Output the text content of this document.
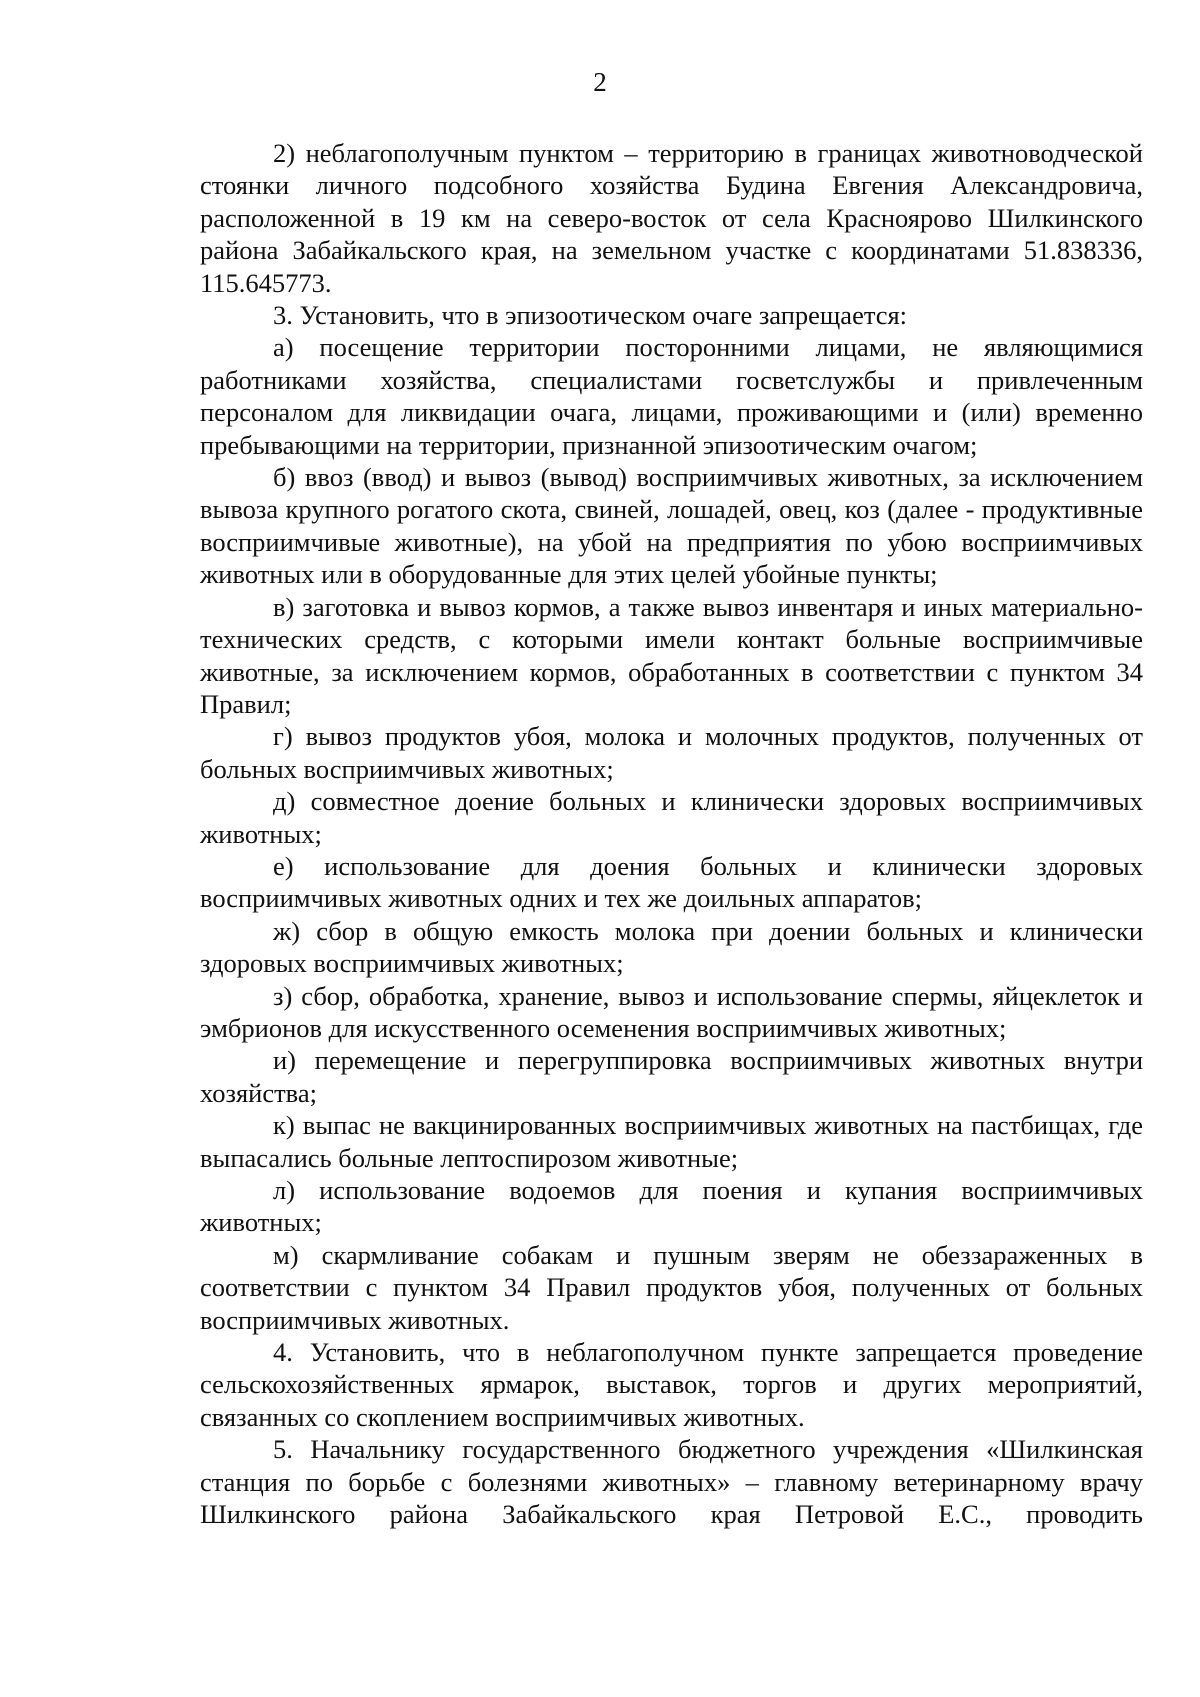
2

2) неблагополучным пунктом – территорию в границах животноводческой стоянки личного подсобного хозяйства Будина Евгения Александровича, расположенной в 19 км на северо-восток от села Красноярово Шилкинского района Забайкальского края, на земельном участке с координатами 51.838336, 115.645773.

3. Установить, что в эпизоотическом очаге запрещается:

а) посещение территории посторонними лицами, не являющимися работниками хозяйства, специалистами госветслужбы и привлеченным персоналом для ликвидации очага, лицами, проживающими и (или) временно пребывающими на территории, признанной эпизоотическим очагом;

б) ввоз (ввод) и вывоз (вывод) восприимчивых животных, за исключением вывоза крупного рогатого скота, свиней, лошадей, овец, коз (далее - продуктивные восприимчивые животные), на убой на предприятия по убою восприимчивых животных или в оборудованные для этих целей убойные пункты;

в) заготовка и вывоз кормов, а также вывоз инвентаря и иных материально-технических средств, с которыми имели контакт больные восприимчивые животные, за исключением кормов, обработанных в соответствии с пунктом 34 Правил;

г) вывоз продуктов убоя, молока и молочных продуктов, полученных от больных восприимчивых животных;

д) совместное доение больных и клинически здоровых восприимчивых животных;

е) использование для доения больных и клинически здоровых восприимчивых животных одних и тех же доильных аппаратов;

ж) сбор в общую емкость молока при доении больных и клинически здоровых восприимчивых животных;

з) сбор, обработка, хранение, вывоз и использование спермы, яйцеклеток и эмбрионов для искусственного осеменения восприимчивых животных;

и) перемещение и перегруппировка восприимчивых животных внутри хозяйства;

к) выпас не вакцинированных восприимчивых животных на пастбищах, где выпасались больные лептоспирозом животные;

л) использование водоемов для поения и купания восприимчивых животных;

м) скармливание собакам и пушным зверям не обеззараженных в соответствии с пунктом 34 Правил продуктов убоя, полученных от больных восприимчивых животных.

4. Установить, что в неблагополучном пункте запрещается проведение сельскохозяйственных ярмарок, выставок, торгов и других мероприятий, связанных со скоплением восприимчивых животных.

5. Начальнику государственного бюджетного учреждения «Шилкинская станция по борьбе с болезнями животных» – главному ветеринарному врачу Шилкинского района Забайкальского края Петровой Е.С., проводить
